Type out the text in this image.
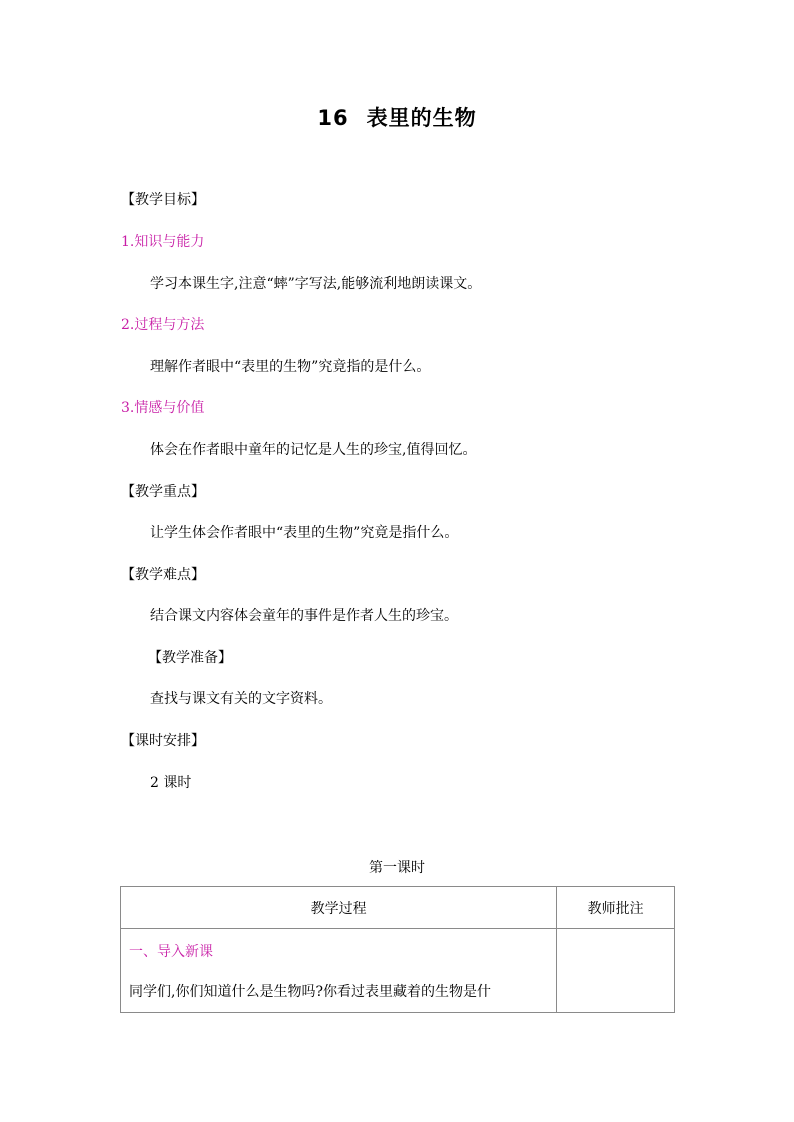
16 表里的生物
【教学目标】
1.知识与能力
学习本课生字,注意“蟀”字写法,能够流利地朗读课文。
2.过程与方法
理解作者眼中“表里的生物”究竟指的是什么。
3.情感与价值
体会在作者眼中童年的记忆是人生的珍宝,值得回忆。
【教学重点】
让学生体会作者眼中“表里的生物”究竟是指什么。
【教学难点】
结合课文内容体会童年的事件是作者人生的珍宝。
【教学准备】
查找与课文有关的文字资料。
【课时安排】
2 课时
第一课时
教学过程	教师批注

一、导入新课
同学们,你们知道什么是生物吗?你看过表里藏着的生物是什	
